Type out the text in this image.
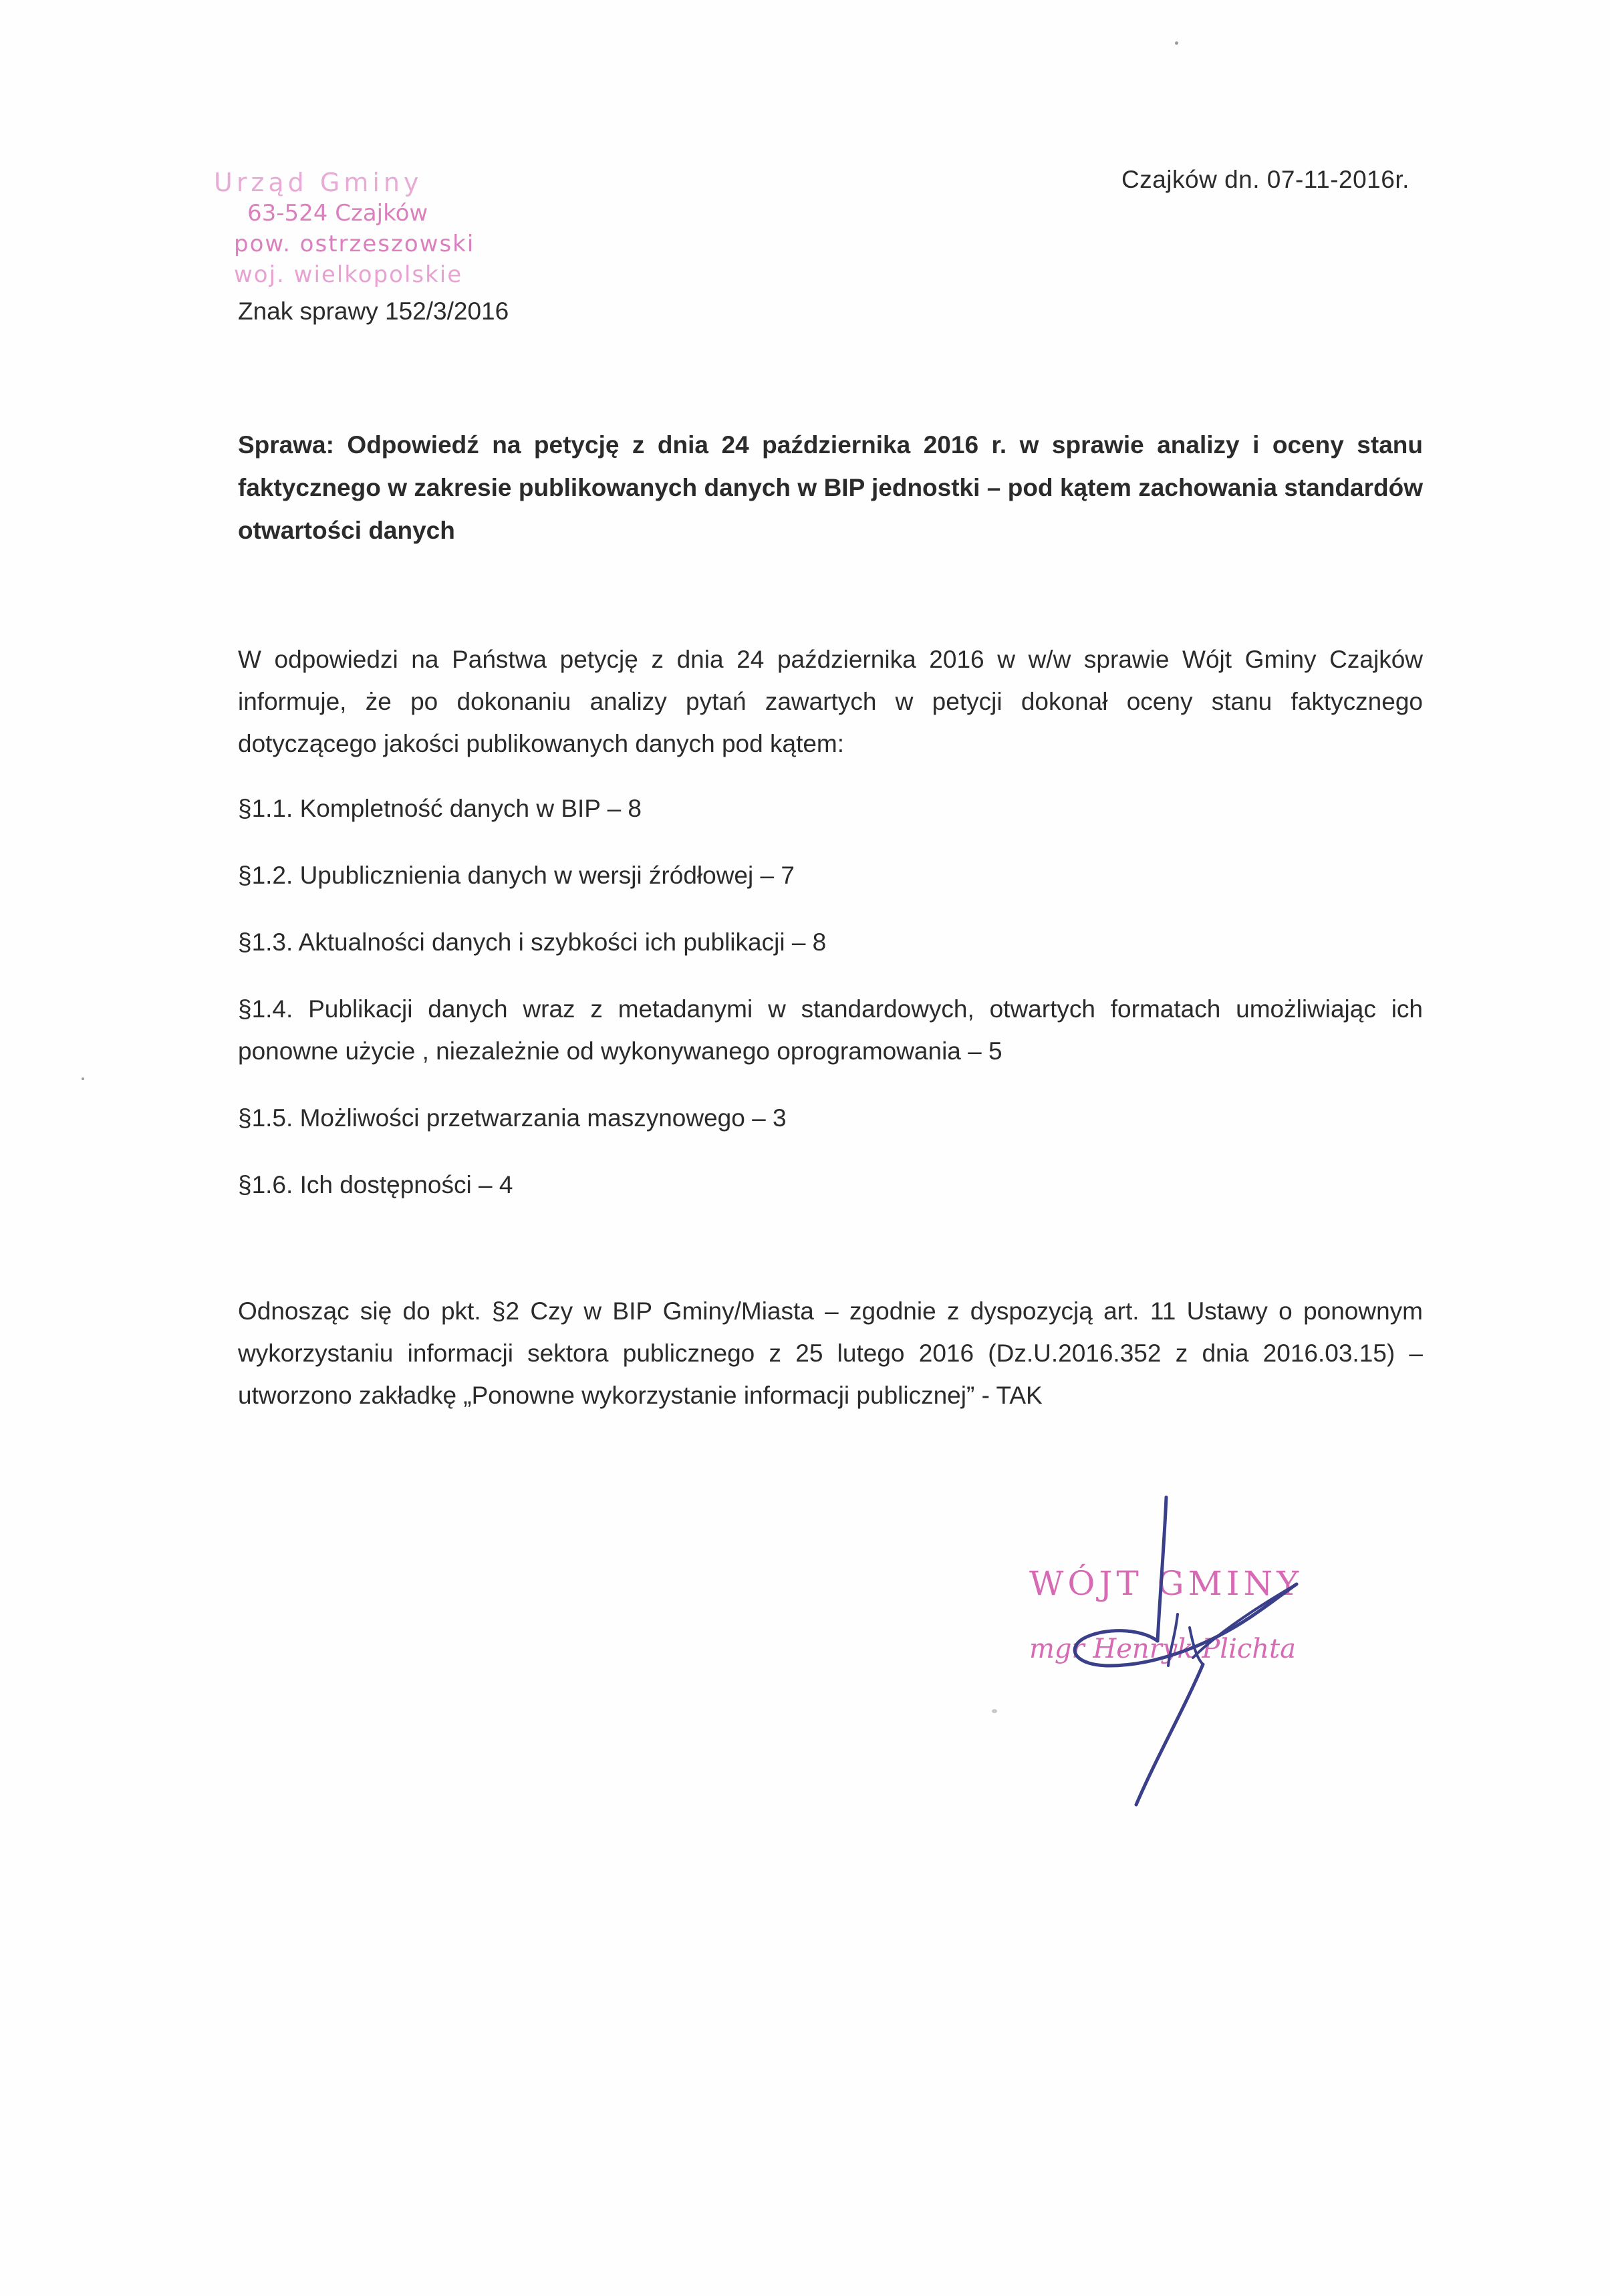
Urząd Gminy
63-524 Czajków
pow. ostrzeszowski
woj. wielkopolskie
Czajków dn. 07-11-2016r.
Znak sprawy 152/3/2016
Sprawa: Odpowiedź na petycję z dnia 24 października 2016 r. w sprawie analizy i oceny stanu faktycznego w zakresie publikowanych danych w BIP jednostki – pod kątem zachowania standardów otwartości danych
W odpowiedzi na Państwa petycję z dnia 24 października 2016 w w/w sprawie Wójt Gminy Czajków informuje, że po dokonaniu analizy pytań zawartych w petycji dokonał oceny stanu faktycznego dotyczącego jakości publikowanych danych pod kątem:
§1.1. Kompletność danych w BIP – 8
§1.2. Upublicznienia danych w wersji źródłowej – 7
§1.3. Aktualności danych i szybkości ich publikacji – 8
§1.4. Publikacji danych wraz z metadanymi w standardowych, otwartych formatach umożliwiając ich ponowne użycie , niezależnie od wykonywanego oprogramowania – 5
§1.5. Możliwości przetwarzania maszynowego – 3
§1.6. Ich dostępności – 4
Odnosząc się do pkt. §2 Czy w BIP Gminy/Miasta – zgodnie z dyspozycją art. 11 Ustawy o ponownym wykorzystaniu informacji sektora publicznego z 25 lutego 2016 (Dz.U.2016.352 z dnia 2016.03.15) – utworzono zakładkę „Ponowne wykorzystanie informacji publicznej” - TAK
WÓJT GMINY
mgr Henryk Plichta
